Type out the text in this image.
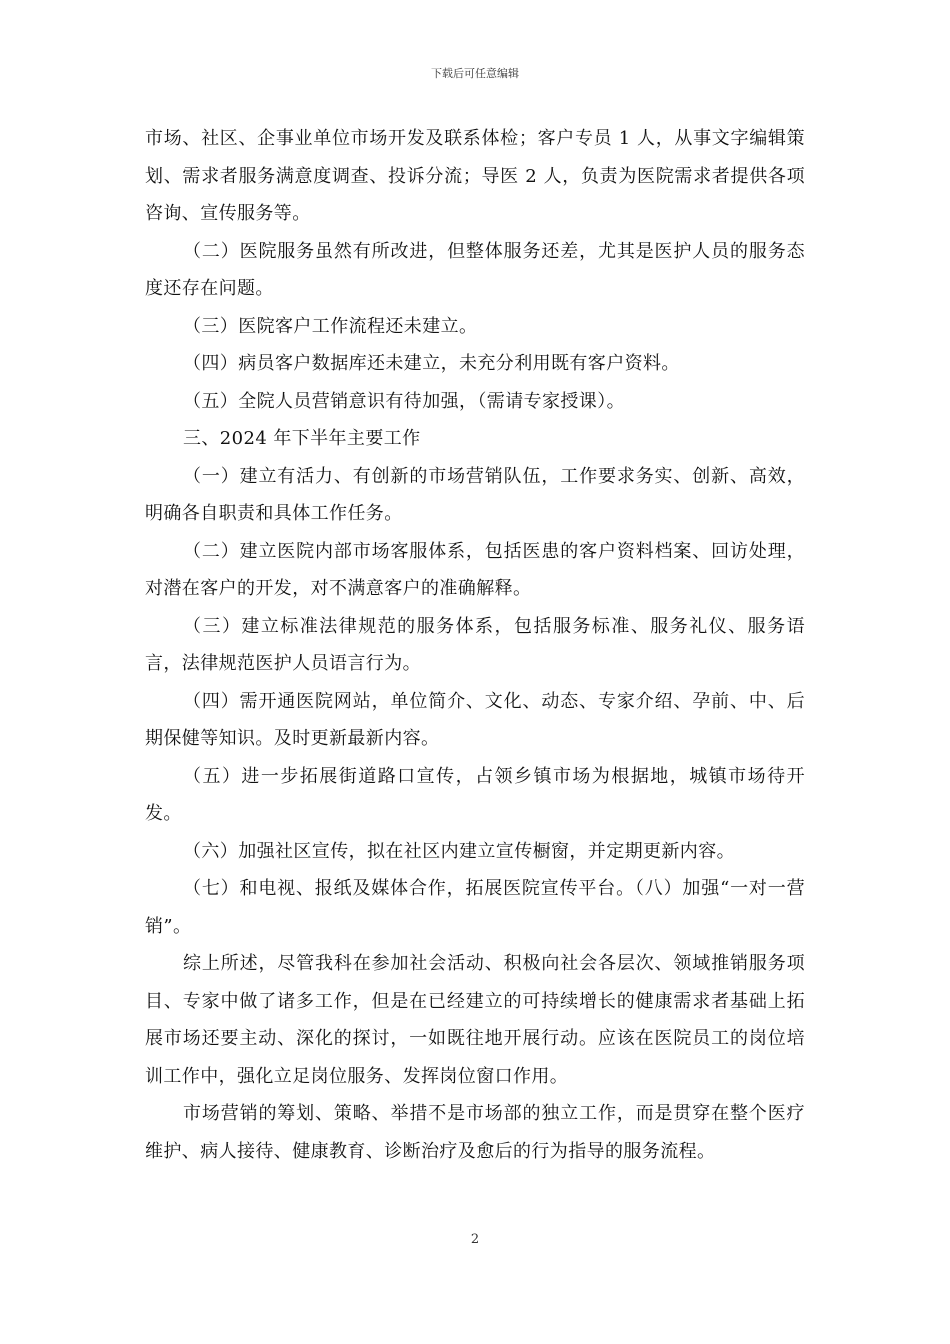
下载后可任意编辑

市场、社区、企事业单位市场开发及联系体检；客户专员 1 人，从事文字编辑策划、需求者服务满意度调查、投诉分流；导医 2 人，负责为医院需求者提供各项咨询、宣传服务等。

（二）医院服务虽然有所改进，但整体服务还差，尤其是医护人员的服务态度还存在问题。

（三）医院客户工作流程还未建立。

（四）病员客户数据库还未建立，未充分利用既有客户资料。

（五）全院人员营销意识有待加强，（需请专家授课）。

三、2024 年下半年主要工作

（一）建立有活力、有创新的市场营销队伍，工作要求务实、创新、高效，明确各自职责和具体工作任务。

（二）建立医院内部市场客服体系，包括医患的客户资料档案、回访处理，对潜在客户的开发，对不满意客户的准确解释。

（三）建立标准法律规范的服务体系，包括服务标准、服务礼仪、服务语言，法律规范医护人员语言行为。

（四）需开通医院网站，单位简介、文化、动态、专家介绍、孕前、中、后期保健等知识。及时更新最新内容。

（五）进一步拓展街道路口宣传，占领乡镇市场为根据地，城镇市场待开发。

（六）加强社区宣传，拟在社区内建立宣传橱窗，并定期更新内容。

（七）和电视、报纸及媒体合作，拓展医院宣传平台。（八）加强“一对一营销”。

综上所述，尽管我科在参加社会活动、积极向社会各层次、领域推销服务项目、专家中做了诸多工作，但是在已经建立的可持续增长的健康需求者基础上拓展市场还要主动、深化的探讨，一如既往地开展行动。应该在医院员工的岗位培训工作中，强化立足岗位服务、发挥岗位窗口作用。

市场营销的筹划、策略、举措不是市场部的独立工作，而是贯穿在整个医疗维护、病人接待、健康教育、诊断治疗及愈后的行为指导的服务流程。

2
